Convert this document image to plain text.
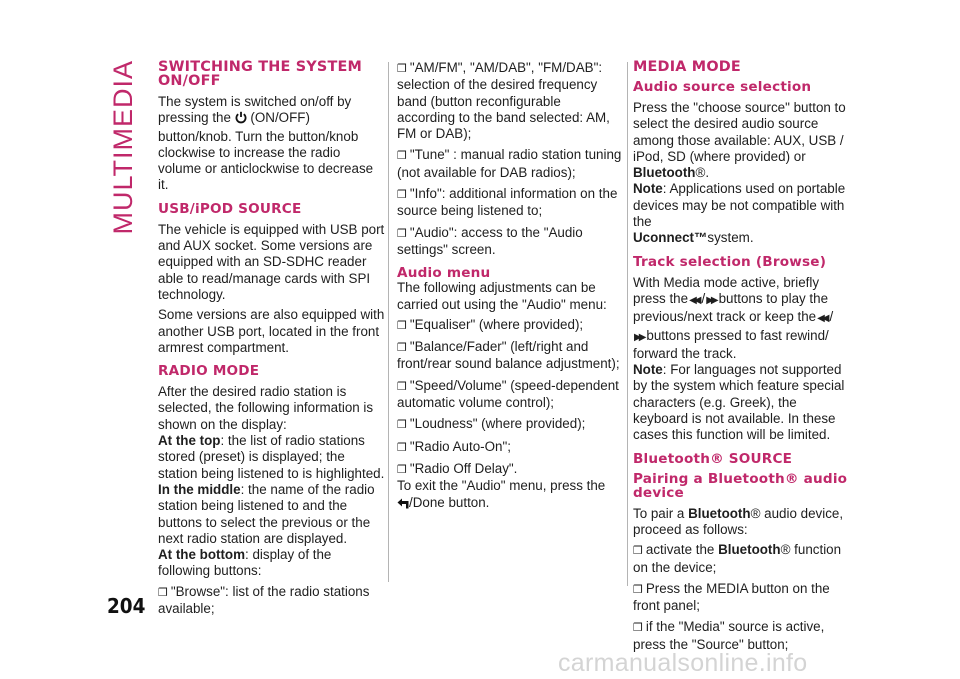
MULTIMEDIA
204
SWITCHING THE SYSTEM ON/OFF

The system is switched on/off by pressing the (ON/OFF) button/knob. Turn the button/knob clockwise to increase the radio volume or anticlockwise to decrease it.

USB/iPOD SOURCE

The vehicle is equipped with USB port and AUX socket. Some versions are equipped with an SD-SDHC reader able to read/manage cards with SPI technology.

Some versions are also equipped with another USB port, located in the front armrest compartment.

RADIO MODE

After the desired radio station is selected, the following information is shown on the display:

At the top: the list of radio stations stored (preset) is displayed; the station being listened to is highlighted.

In the middle: the name of the radio station being listened to and the buttons to select the previous or the next radio station are displayed.

At the bottom: display of the following buttons:

❒ "Browse": list of the radio stations available;
❒ "AM/FM", "AM/DAB", "FM/DAB": selection of the desired frequency band (button reconfigurable according to the band selected: AM, FM or DAB);
❒ "Tune" : manual radio station tuning (not available for DAB radios);
❒ "Info": additional information on the source being listened to;
❒ "Audio": access to the "Audio settings" screen.
Audio menu

The following adjustments can be carried out using the "Audio" menu:

❒ "Equaliser" (where provided);
❒ "Balance/Fader" (left/right and front/rear sound balance adjustment);
❒ "Speed/Volume" (speed-dependent automatic volume control);
❒ "Loudness" (where provided);
❒ "Radio Auto-On";
❒ "Radio Off Delay".

To exit the "Audio" menu, press the
/Done button.

MEDIA MODE
Audio source selection

Press the "choose source" button to select the desired audio source among those available: AUX, USB / iPod, SD (where provided) or Bluetooth®.

Note: Applications used on portable devices may be not compatible with the
Uconnect™system.

Track selection (Browse)

With Media mode active, briefly press the◀◀ /▶▶ buttons to play the previous/next track or keep the◀◀ /
▶▶ buttons pressed to fast rewind/ forward the track.

Note: For languages not supported by the system which feature special characters (e.g. Greek), the keyboard is not available. In these cases this function will be limited.

Bluetooth® SOURCE
Pairing a Bluetooth® audio device

To pair a Bluetooth® audio device, proceed as follows:

❒ activate the Bluetooth® function on the device;
❒ Press the MEDIA button on the front panel;
❒ if the "Media" source is active, press the "Source" button;
carmanualsonline.info
